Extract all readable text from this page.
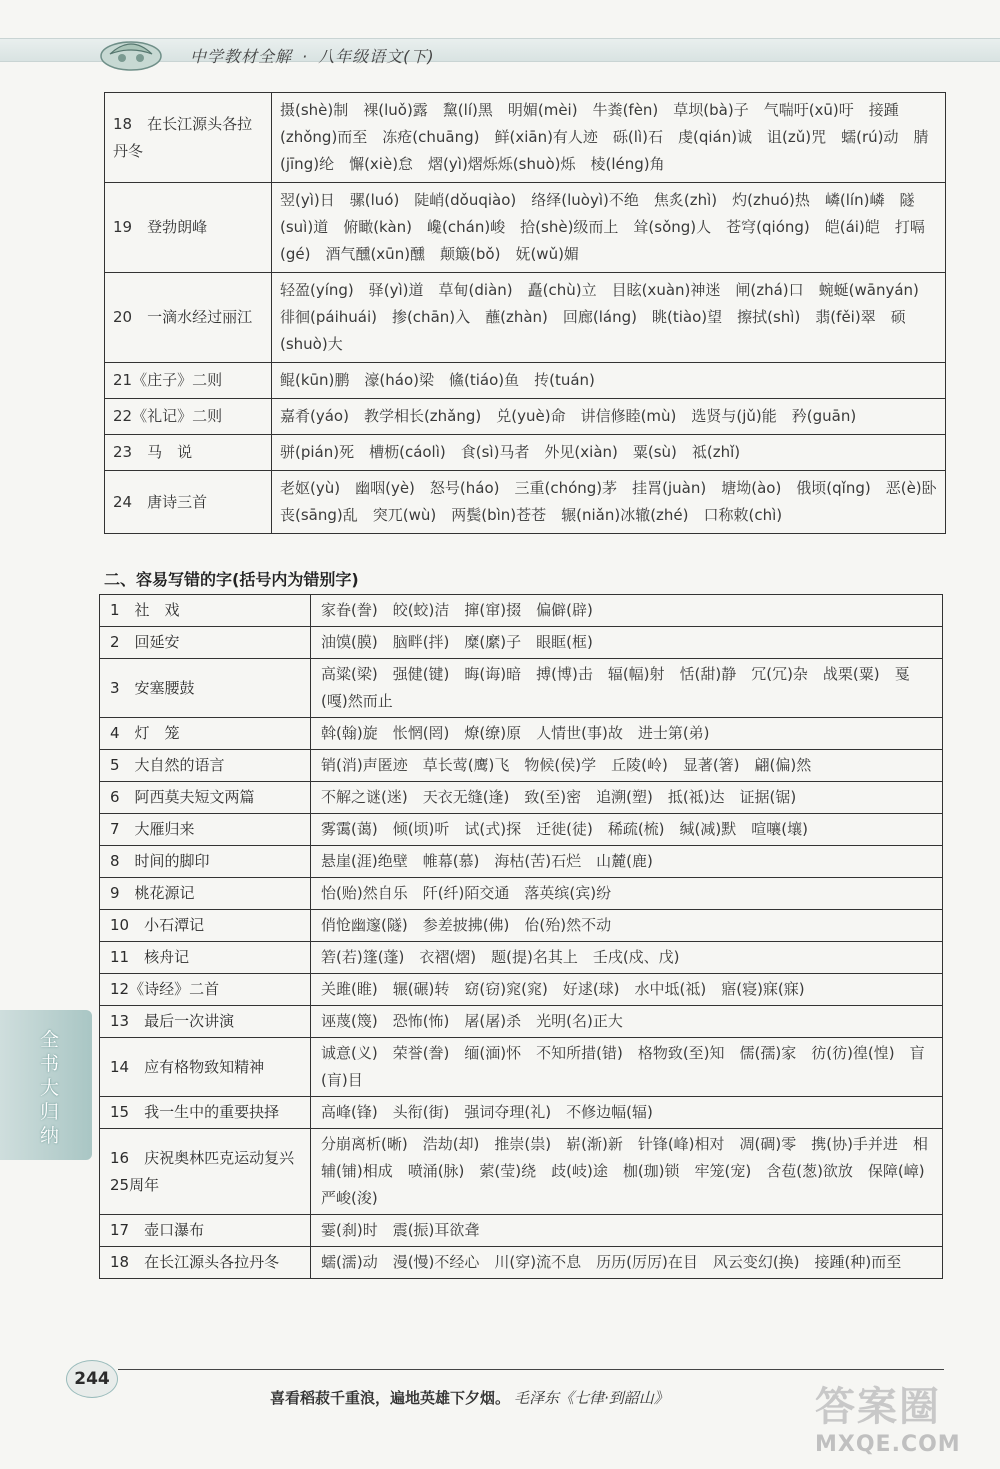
中学教材全解 · 八年级语文(下)
18　在长江源头各拉丹冬	摄(shè)制　裸(luǒ)露　黧(lí)黑　明媚(mèi)　牛粪(fèn)　草坝(bà)子　气喘吁(xū)吁　接踵(zhǒng)而至　冻疮(chuāng)　鲜(xiān)有人迹　砾(lì)石　虔(qián)诚　诅(zǔ)咒　蠕(rú)动　腈(jīng)纶　懈(xiè)怠　熠(yì)熠烁烁(shuò)烁　棱(léng)角
19　登勃朗峰	翌(yì)日　骡(luó)　陡峭(dǒuqiào)　络绎(luòyì)不绝　焦炙(zhì)　灼(zhuó)热　嶙(lín)嶙　隧(suì)道　俯瞰(kàn)　巉(chán)峻　拾(shè)级而上　耸(sǒng)人　苍穹(qióng)　皑(ái)皑　打嗝(gé)　酒气醺(xūn)醺　颠簸(bǒ)　妩(wǔ)媚
20　一滴水经过丽江	轻盈(yíng)　驿(yì)道　草甸(diàn)　矗(chù)立　目眩(xuàn)神迷　闸(zhá)口　蜿蜒(wānyán)　徘徊(páihuái)　掺(chān)入　蘸(zhàn)　回廊(láng)　眺(tiào)望　擦拭(shì)　翡(fěi)翠　硕(shuò)大
21《庄子》二则	鲲(kūn)鹏　濠(háo)梁　鯈(tiáo)鱼　抟(tuán)
22《礼记》二则	嘉肴(yáo)　教学相长(zhǎng)　兑(yuè)命　讲信修睦(mù)　选贤与(jǔ)能　矜(guān)
23　马　说	骈(pián)死　槽枥(cáolì)　食(sì)马者　外见(xiàn)　粟(sù)　祗(zhǐ)
24　唐诗三首	老妪(yù)　幽咽(yè)　怒号(háo)　三重(chóng)茅　挂罥(juàn)　塘坳(ào)　俄顷(qǐng)　恶(è)卧　丧(sāng)乱　突兀(wù)　两鬓(bìn)苍苍　辗(niǎn)冰辙(zhé)　口称敕(chì)
二、容易写错的字(括号内为错别字)
1　社　戏	家眷(誊)　皎(蛟)洁　撺(窜)掇　偏僻(辟)
2　回延安	油馍(膜)　脑畔(拌)　糜(縻)子　眼眶(框)
3　安塞腰鼓	高粱(梁)　强健(键)　晦(诲)暗　搏(博)击　辐(幅)射　恬(甜)静　冗(冗)杂　战栗(粟)　戛(嘎)然而止
4　灯　笼	斡(翰)旋　怅惘(罔)　燎(缭)原　人情世(事)故　进士第(弟)
5　大自然的语言	销(消)声匿迹　草长莺(鹰)飞　物候(侯)学　丘陵(岭)　显著(箸)　翩(偏)然
6　阿西莫夫短文两篇	不解之谜(迷)　天衣无缝(逢)　致(至)密　追溯(塑)　抵(祗)达　证据(锯)
7　大雁归来	雾霭(蔼)　倾(顷)听　试(式)探　迁徙(徒)　稀疏(梳)　缄(减)默　喧嚷(壤)
8　时间的脚印	悬崖(涯)绝壁　帷幕(慕)　海枯(苦)石烂　山麓(鹿)
9　桃花源记	怡(贻)然自乐　阡(纤)陌交通　落英缤(宾)纷
10　小石潭记	俏怆幽邃(隧)　参差披拂(佛)　佁(殆)然不动
11　核舟记	箬(若)篷(蓬)　衣褶(熠)　题(提)名其上　壬戌(戍、戊)
12《诗经》二首	关雎(睢)　辗(碾)转　窈(窃)窕(窕)　好逑(球)　水中坻(祗)　寤(寝)寐(寐)
13　最后一次讲演	诬蔑(篾)　恐怖(怖)　屠(屠)杀　光明(名)正大
14　应有格物致知精神	诚意(义)　荣誉(誊)　缅(湎)怀　不知所措(错)　格物致(至)知　儒(孺)家　彷(彷)徨(惶)　盲(肓)目
15　我一生中的重要抉择	高峰(锋)　头衔(街)　强词夺理(礼)　不修边幅(辐)
16　庆祝奥林匹克运动复兴25周年	分崩离析(晰)　浩劫(却)　推崇(祟)　崭(渐)新　针锋(峰)相对　凋(碉)零　携(协)手并进　相辅(铺)相成　喷涌(脉)　萦(莹)绕　歧(岐)途　枷(珈)锁　牢笼(宠)　含苞(葱)欲放　保障(嶂)　严峻(浚)
17　壶口瀑布	霎(刹)时　震(振)耳欲聋
18　在长江源头各拉丹冬	蠕(濡)动　漫(慢)不经心　川(穿)流不息　历历(厉厉)在目　风云变幻(换)　接踵(种)而至
全书大归纳
244
喜看稻菽千重浪，遍地英雄下夕烟。 毛泽东《七律·到韶山》	答案圈
MXQE.COM
